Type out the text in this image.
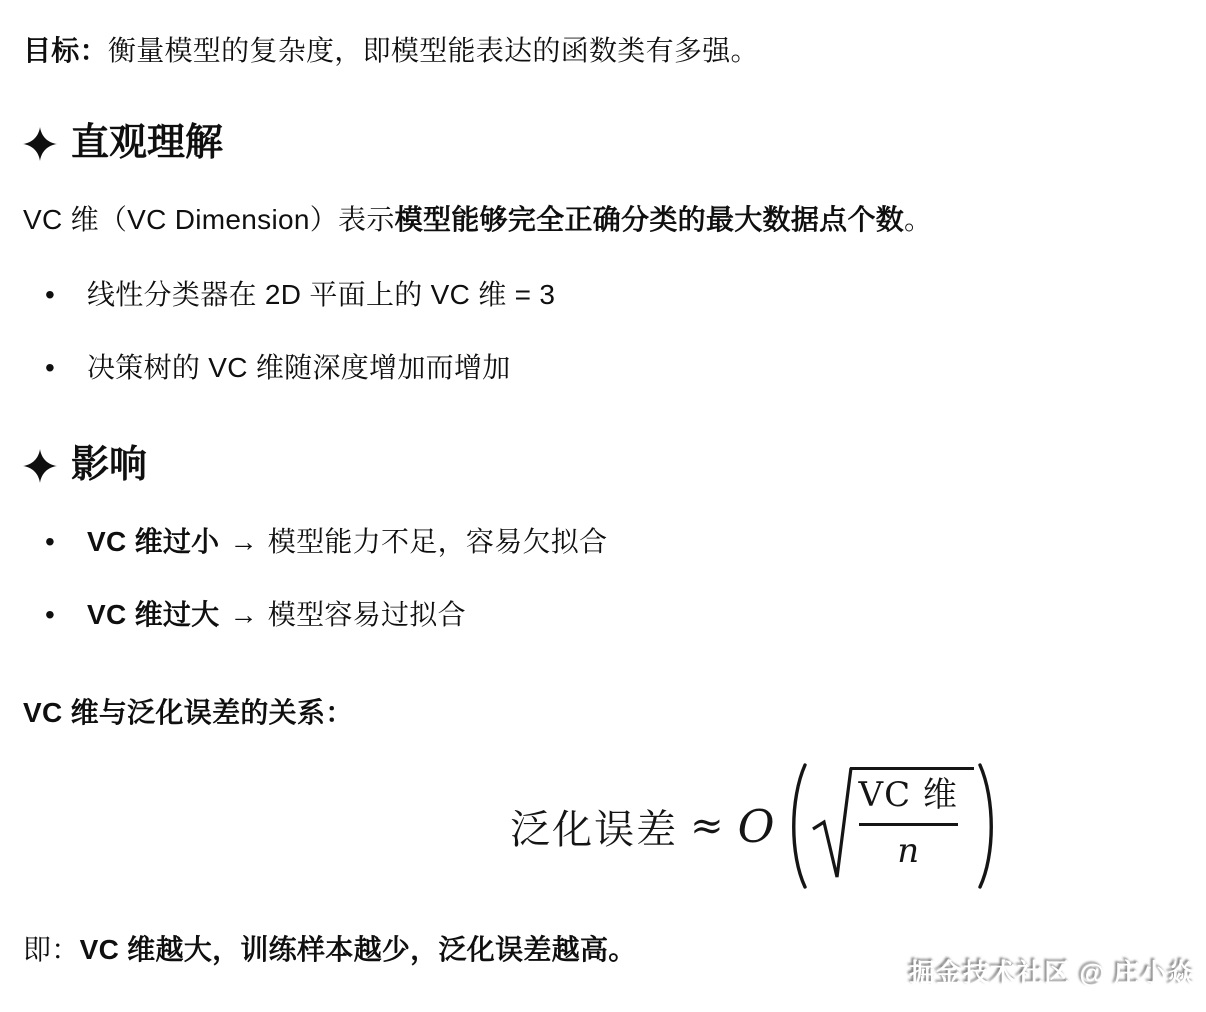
目标：衡量模型的复杂度，即模型能表达的函数类有多强。

直观理解

VC 维（VC Dimension）表示模型能够完全正确分类的最大数据点个数。

•	线性分类器在 2D 平面上的 VC 维 = 3
•	决策树的 VC 维随深度增加而增加
影响
•	VC 维过小 → 模型能力不足，容易欠拟合
•	VC 维过大 → 模型容易过拟合

VC 维与泛化误差的关系：

泛化误差 ≈ O $\frac{\text{VC 维}}{n}$

即：VC 维越大，训练样本越少，泛化误差越高。

掘金技术社区 @ 庄小焱
